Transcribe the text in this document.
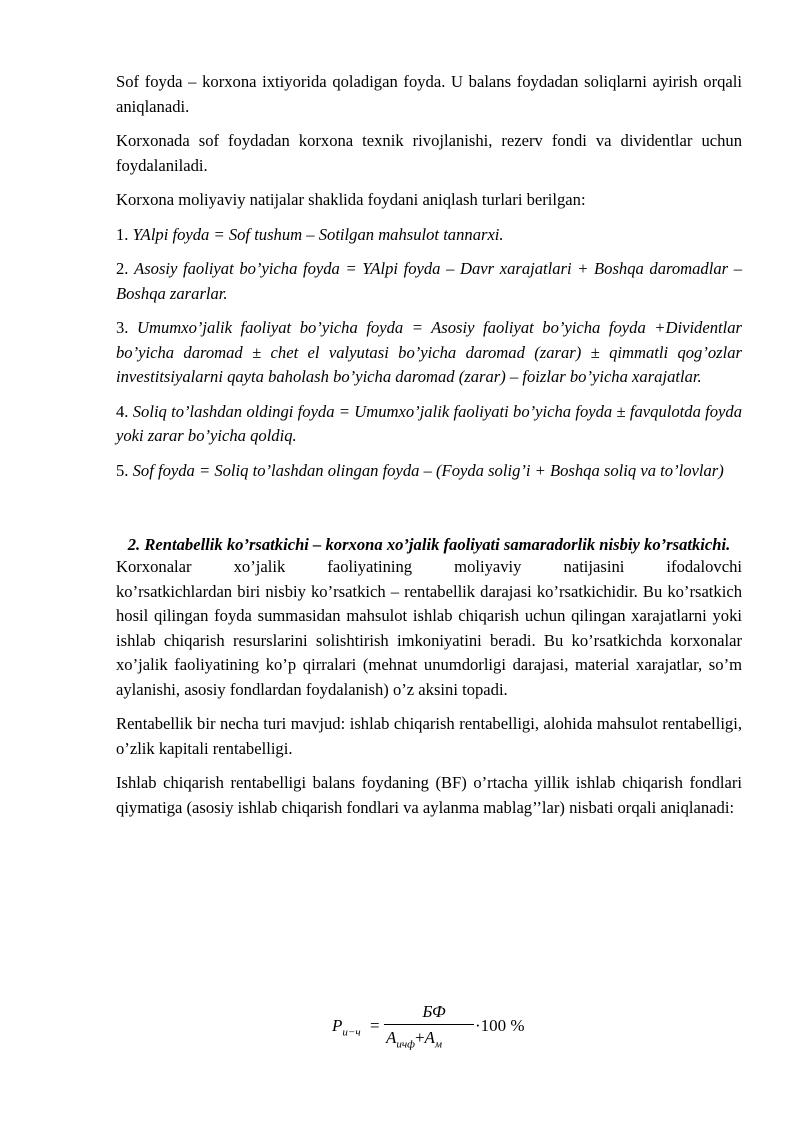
Sof foyda – korxona ixtiyorida qoladigan foyda. U balans foydadan soliqlarni ayirish orqali aniqlanadi.

Korxonada sof foydadan korxona texnik rivojlanishi, rezerv fondi va dividentlar uchun foydalaniladi.

Korxona moliyaviy natijalar shaklida foydani aniqlash turlari berilgan:

1. YAlpi foyda = Sof tushum – Sotilgan mahsulot tannarxi.

2. Asosiy faoliyat bo’yicha foyda = YAlpi foyda – Davr xarajatlari + Boshqa daromadlar – Boshqa zararlar.

3. Umumxo’jalik faoliyat bo’yicha foyda = Asosiy faoliyat bo’yicha foyda +Dividentlar bo’yicha daromad ± chet el valyutasi bo’yicha daromad (zarar) ± qimmatli qog’ozlar investitsiyalarni qayta baholash bo’yicha daromad (zarar) – foizlar bo’yicha xarajatlar.

4. Soliq to’lashdan oldingi foyda = Umumxo’jalik faoliyati bo’yicha foyda ± favqulotda foyda yoki zarar bo’yicha qoldiq.

5. Sof foyda = Soliq to’lashdan olingan foyda – (Foyda solig’i + Boshqa soliq va to’lovlar)

2. Rentabellik ko’rsatkichi – korxona xo’jalik faoliyati samaradorlik nisbiy ko’rsatkichi.

Korxonalar xo’jalik faoliyatining moliyaviy natijasini ifodalovchi

ko’rsatkichlardan biri nisbiy ko’rsatkich – rentabellik darajasi ko’rsatkichidir. Bu ko’rsatkich hosil qilingan foyda summasidan mahsulot ishlab chiqarish uchun qilingan xarajatlarni yoki ishlab chiqarish resurslarini solishtirish imkoniyatini beradi. Bu ko’rsatkichda korxonalar xo’jalik faoliyatining ko’p qirralari (mehnat unumdorligi darajasi, material xarajatlar, so’m aylanishi, asosiy fondlardan foydalanish) o’z aksini topadi.

Rentabellik bir necha turi mavjud: ishlab chiqarish rentabelligi, alohida mahsulot rentabelligi, o’zlik kapitali rentabelligi.

Ishlab chiqarish rentabelligi balans foydaning (BF) o’rtacha yillik ishlab chiqarish fondlari qiymatiga (asosiy ishlab chiqarish fondlari va aylanma mablag’’lar) nisbati orqali aniqlanadi:

$P_{и-ч}$ =
БФ
$A_{ичф}+A_м$
·100 %
